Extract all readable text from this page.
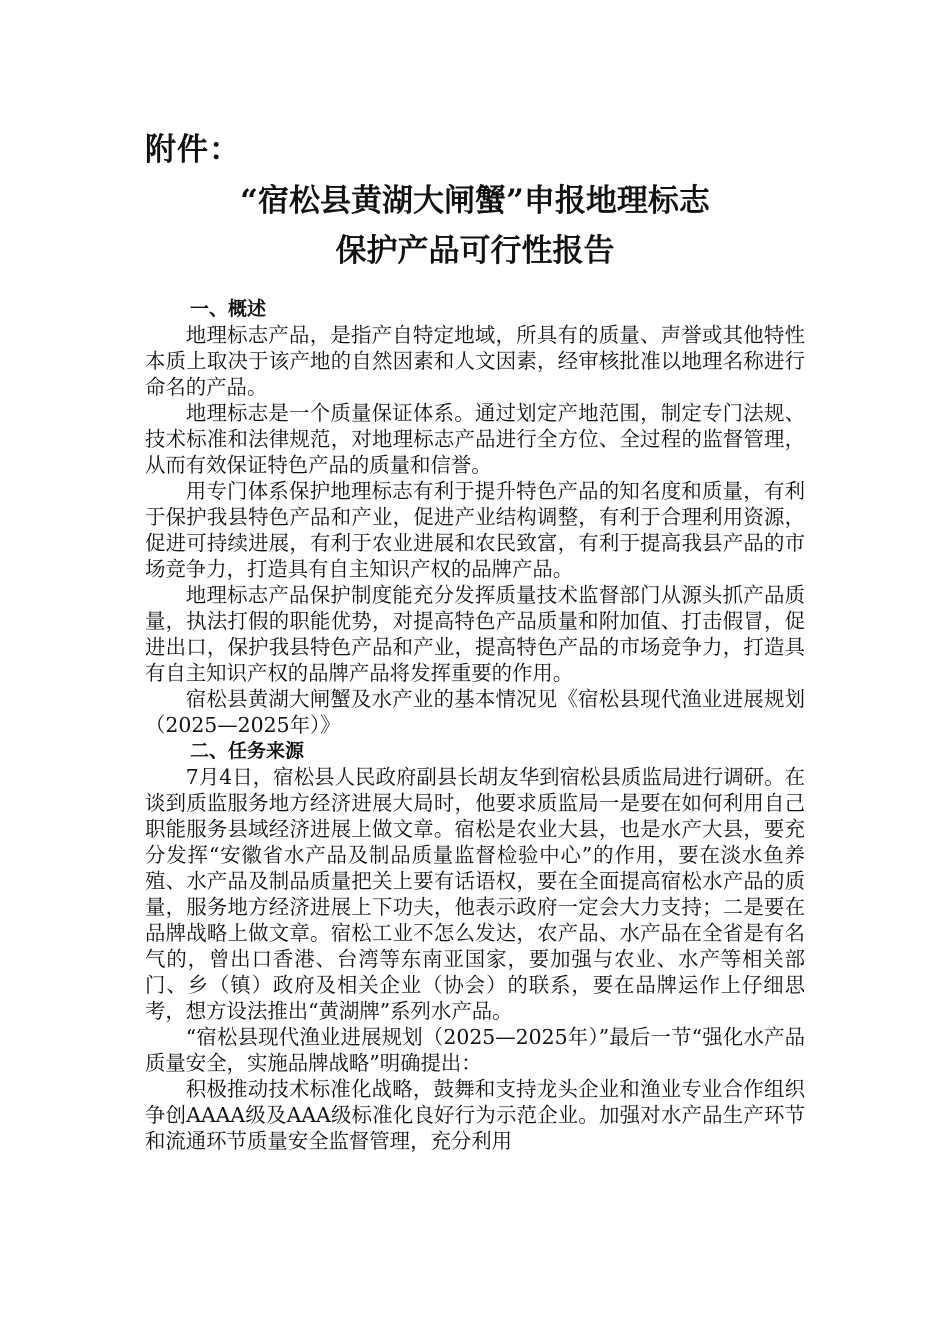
附件：
“宿松县黄湖大闸蟹”申报地理标志
保护产品可行性报告
一、概述

地理标志产品，是指产自特定地域，所具有的质量、声誉或其他特性本质上取决于该产地的自然因素和人文因素，经审核批准以地理名称进行命名的产品。

地理标志是一个质量保证体系。通过划定产地范围，制定专门法规、技术标准和法律规范，对地理标志产品进行全方位、全过程的监督管理，从而有效保证特色产品的质量和信誉。

用专门体系保护地理标志有利于提升特色产品的知名度和质量，有利于保护我县特色产品和产业，促进产业结构调整，有利于合理利用资源，促进可持续进展，有利于农业进展和农民致富，有利于提高我县产品的市场竞争力，打造具有自主知识产权的品牌产品。

地理标志产品保护制度能充分发挥质量技术监督部门从源头抓产品质量，执法打假的职能优势，对提高特色产品质量和附加值、打击假冒，促进出口，保护我县特色产品和产业，提高特色产品的市场竞争力，打造具有自主知识产权的品牌产品将发挥重要的作用。

宿松县黄湖大闸蟹及水产业的基本情况见《宿松县现代渔业进展规划（2025—2025年）》

二、任务来源

7月4日，宿松县人民政府副县长胡友华到宿松县质监局进行调研。在谈到质监服务地方经济进展大局时，他要求质监局一是要在如何利用自己职能服务县域经济进展上做文章。宿松是农业大县，也是水产大县，要充分发挥“安徽省水产品及制品质量监督检验中心”的作用，要在淡水鱼养殖、水产品及制品质量把关上要有话语权，要在全面提高宿松水产品的质量，服务地方经济进展上下功夫，他表示政府一定会大力支持；二是要在品牌战略上做文章。宿松工业不怎么发达，农产品、水产品在全省是有名气的，曾出口香港、台湾等东南亚国家，要加强与农业、水产等相关部门、乡（镇）政府及相关企业（协会）的联系，要在品牌运作上仔细思考，想方设法推出“黄湖牌”系列水产品。

“宿松县现代渔业进展规划（2025—2025年）”最后一节“强化水产品质量安全，实施品牌战略”明确提出：

积极推动技术标准化战略，鼓舞和支持龙头企业和渔业专业合作组织争创AAAA级及AAA级标准化良好行为示范企业。加强对水产品生产环节和流通环节质量安全监督管理，充分利用
